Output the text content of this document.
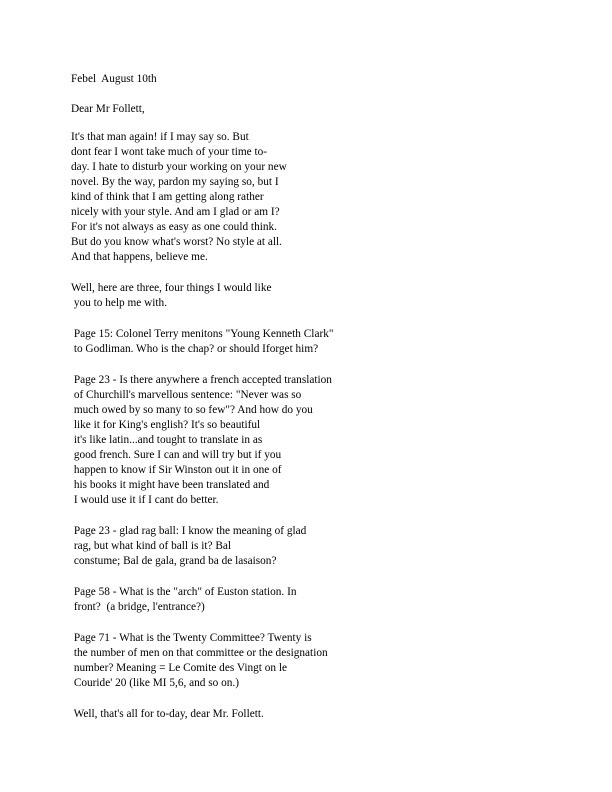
Febel  August 10th

Dear Mr Follett,

It's that man again! if I may say so. But

dont fear I wont take much of your time to-

day. I hate to disturb your working on your new

novel. By the way, pardon my saying so, but I

kind of think that I am getting along rather

nicely with your style. And am I glad or am I?

For it's not always as easy as one could think.

But do you know what's worst? No style at all.

And that happens, believe me.

Well, here are three, four things I would like

you to help me with.

Page 15: Colonel Terry menitons "Young Kenneth Clark"

to Godliman. Who is the chap? or should Iforget him?

Page 23 - Is there anywhere a french accepted translation

of Churchill's marvellous sentence: "Never was so

much owed by so many to so few"? And how do you

like it for King's english? It's so beautiful

it's like latin...and tought to translate in as

good french. Sure I can and will try but if you

happen to know if Sir Winston out it in one of

his books it might have been translated and

I would use it if I cant do better.

Page 23 - glad rag ball: I know the meaning of glad

rag, but what kind of ball is it? Bal

constume; Bal de gala, grand ba de lasaison?

Page 58 - What is the "arch" of Euston station. In

front?  (a bridge, l'entrance?)

Page 71 - What is the Twenty Committee? Twenty is

the number of men on that committee or the designation

number? Meaning = Le Comite des Vingt on le

Couride' 20 (like MI 5,6, and so on.)

Well, that's all for to-day, dear Mr. Follett.
